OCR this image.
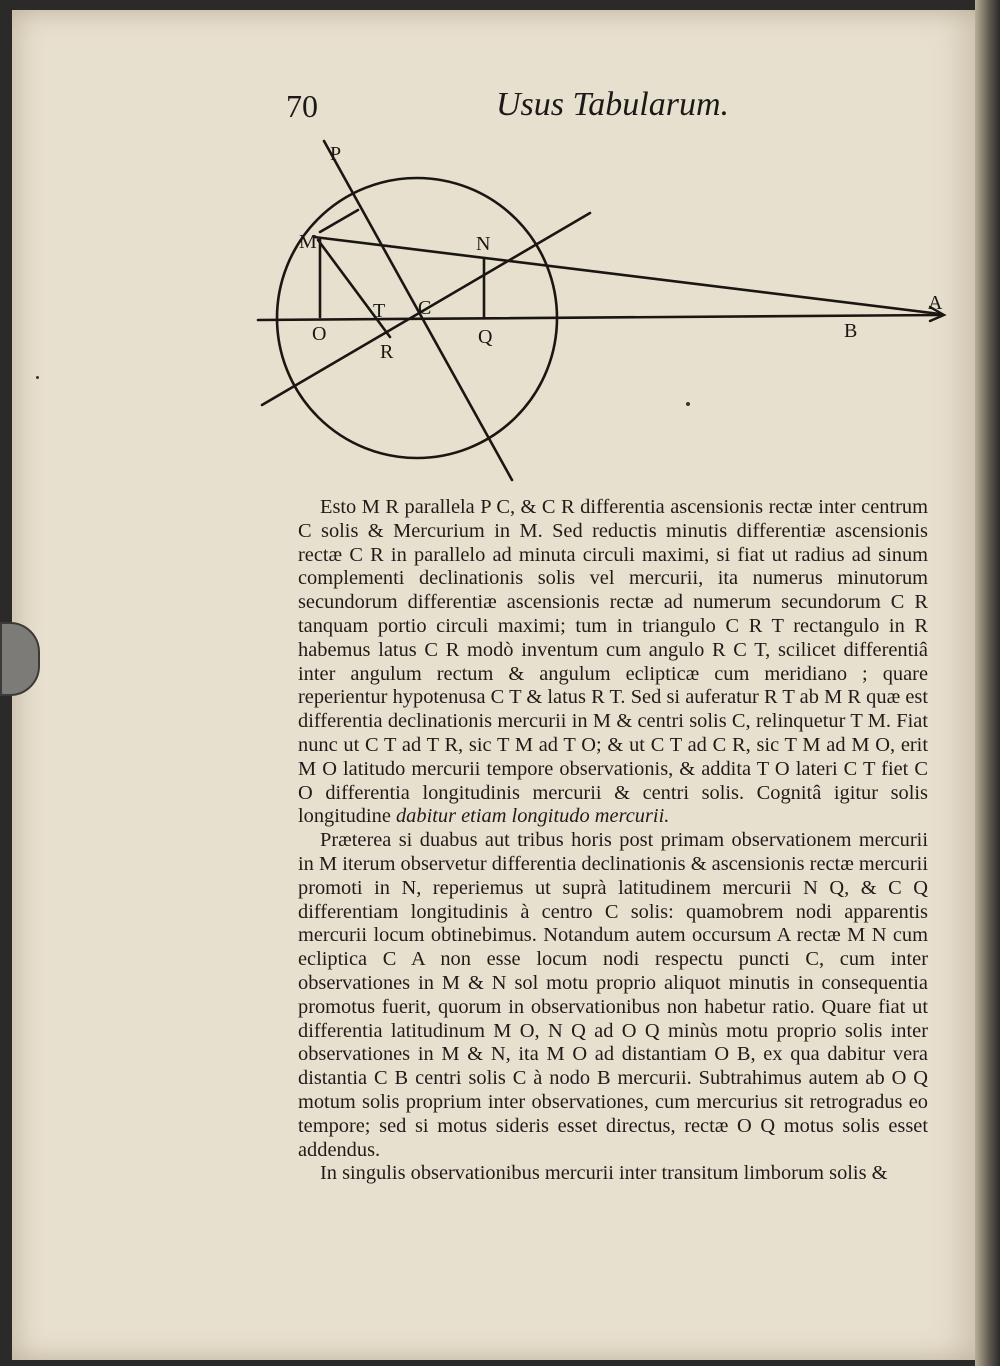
70	Usus Tabularum.
P
M	N
T C
O	Q
R
B
A

Esto M R parallela P C, & C R differentia ascensionis rectæ inter centrum C solis & Mercurium in M. Sed reductis minutis differentiæ ascensionis rectæ C R in parallelo ad minuta circuli maximi, si fiat ut radius ad sinum complementi declinationis solis vel mercurii, ita numerus minutorum secundorum differentiæ ascensionis rectæ ad numerum secundorum C R tanquam portio circuli maximi; tum in triangulo C R T rectangulo in R habemus latus C R modò inventum cum angulo R C T, scilicet differentiâ inter angulum rectum & angulum eclipticæ cum meridiano ; quare reperientur hypotenusa C T & latus R T. Sed si auferatur R T ab M R quæ est differentia declinationis mercurii in M & centri solis C, relinquetur T M. Fiat nunc ut C T ad T R, sic T M ad T O; & ut C T ad C R, sic T M ad M O, erit M O latitudo mercurii tempore observationis, & addita T O lateri C T fiet C O differentia longitudinis mercurii & centri solis. Cognitâ igitur solis longitudine dabitur etiam longitudo mercurii.

Præterea si duabus aut tribus horis post primam observationem mercurii in M iterum observetur differentia declinationis & ascensionis rectæ mercurii promoti in N, reperiemus ut suprà latitudinem mercurii N Q, & C Q differentiam longitudinis à centro C solis: quamobrem nodi apparentis mercurii locum obtinebimus. Notandum autem occursum A rectæ M N cum ecliptica C A non esse locum nodi respectu puncti C, cum inter observationes in M & N sol motu proprio aliquot minutis in consequentia promotus fuerit, quorum in observationibus non habetur ratio. Quare fiat ut differentia latitudinum M O, N Q ad O Q minùs motu proprio solis inter observationes in M & N, ita M O ad distantiam O B, ex qua dabitur vera distantia C B centri solis C à nodo B mercurii. Subtrahimus autem ab O Q motum solis proprium inter observationes, cum mercurius sit retrogradus eo tempore; sed si motus sideris esset directus, rectæ O Q motus solis esset addendus.

In singulis observationibus mercurii inter transitum limborum solis &
